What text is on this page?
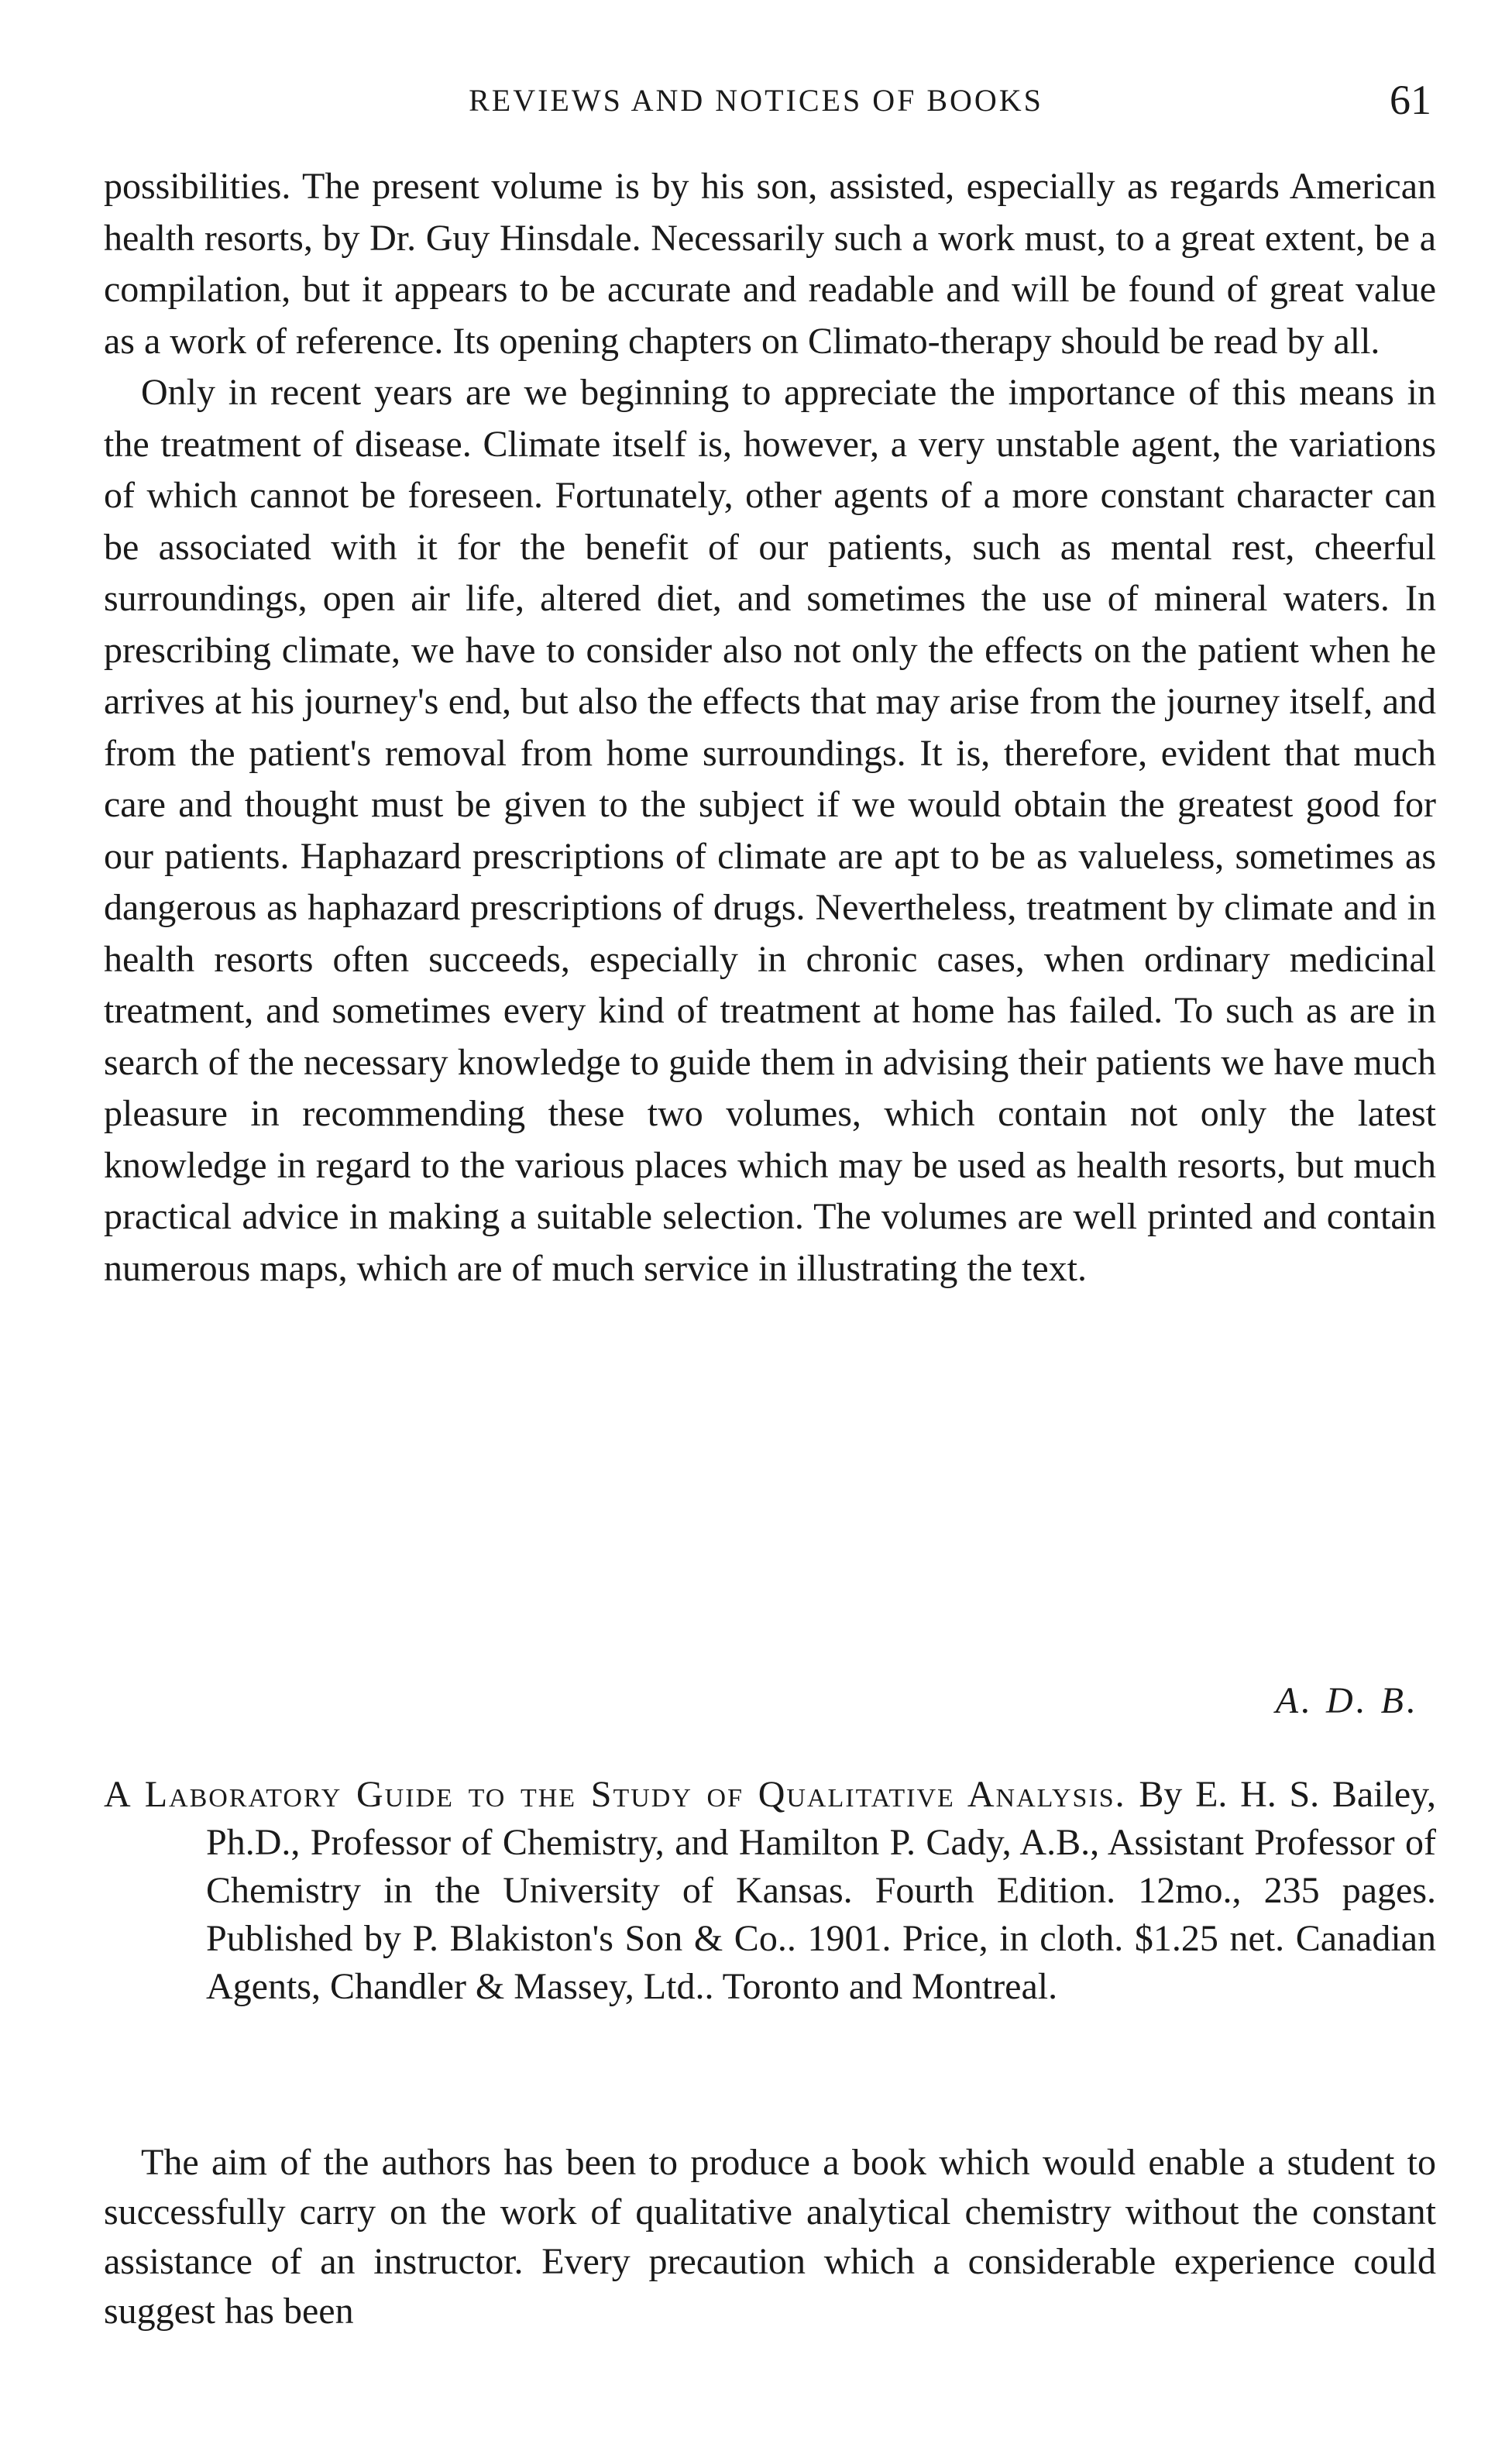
REVIEWS AND NOTICES OF BOOKS	61

possibilities. The present volume is by his son, assisted, especially as regards American health resorts, by Dr. Guy Hinsdale. Necessarily such a work must, to a great extent, be a compilation, but it appears to be accurate and readable and will be found of great value as a work of reference. Its opening chapters on Climato-therapy should be read by all.

Only in recent years are we beginning to appreciate the importance of this means in the treatment of disease. Climate itself is, however, a very unstable agent, the variations of which cannot be foreseen. Fortunately, other agents of a more constant character can be associated with it for the benefit of our patients, such as mental rest, cheerful surroundings, open air life, altered diet, and sometimes the use of mineral waters. In prescribing climate, we have to consider also not only the effects on the patient when he arrives at his journey's end, but also the effects that may arise from the journey itself, and from the patient's removal from home surroundings. It is, therefore, evident that much care and thought must be given to the subject if we would obtain the greatest good for our patients. Haphazard prescriptions of climate are apt to be as valueless, sometimes as dangerous as haphazard prescriptions of drugs. Nevertheless, treatment by climate and in health resorts often succeeds, especially in chronic cases, when ordinary medicinal treatment, and sometimes every kind of treatment at home has failed. To such as are in search of the necessary knowledge to guide them in advising their patients we have much pleasure in recommending these two volumes, which contain not only the latest knowledge in regard to the various places which may be used as health resorts, but much practical advice in making a suitable selection. The volumes are well printed and contain numerous maps, which are of much service in illustrating the text.

A. D. B.
A Laboratory Guide to the Study of Qualitative Analysis. By E. H. S. Bailey, Ph.D., Professor of Chemistry, and Hamilton P. Cady, A.B., Assistant Professor of Chemistry in the University of Kansas. Fourth Edition. 12mo., 235 pages. Published by P. Blakiston's Son & Co.. 1901. Price, in cloth. $1.25 net. Canadian Agents, Chandler & Massey, Ltd.. Toronto and Montreal.

The aim of the authors has been to produce a book which would enable a student to successfully carry on the work of qualitative analytical chemistry without the constant assistance of an instructor. Every precaution which a considerable experience could suggest has been
